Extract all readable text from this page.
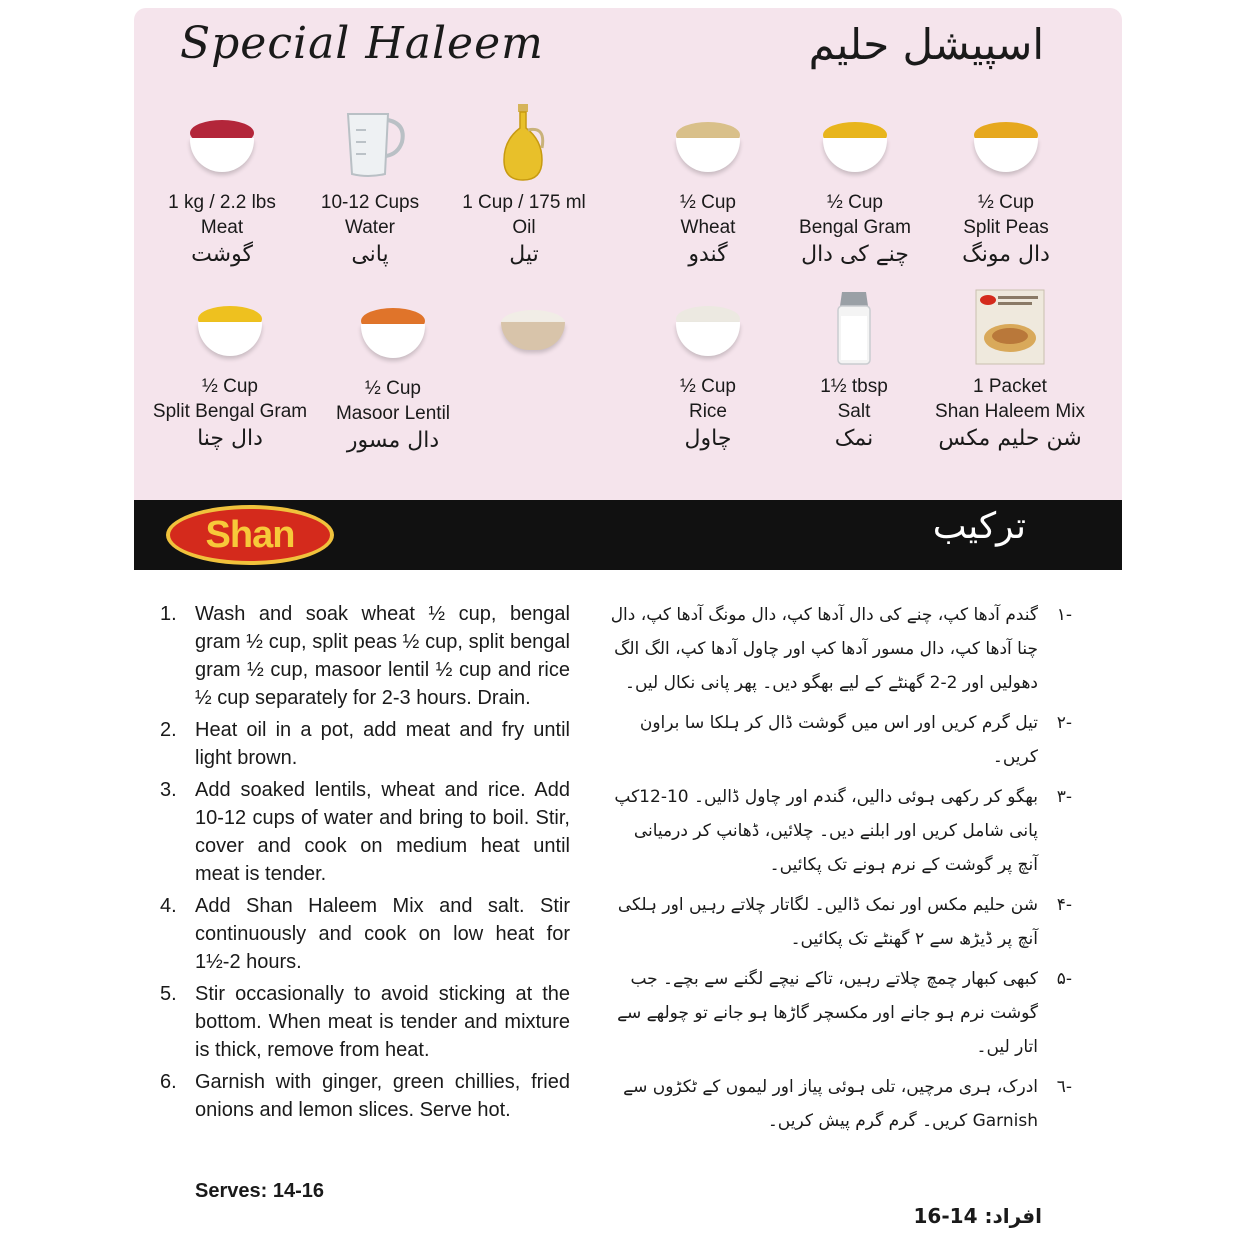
Special Haleem	اسپیشل حلیم
1 kg / 2.2 lbs
Meat
گوشت
10-12 Cups
Water
پانی
1 Cup / 175 ml
Oil
تیل
½ Cup
Wheat
گندو
½ Cup
Bengal Gram
چنے کی دال
½ Cup
Split Peas
دال مونگ
½ Cup
Split Bengal Gram
دال چنا
½ Cup
Masoor Lentil
دال مسور
½ Cup
Rice
چاول
1½ tbsp
Salt
نمک
1 Packet
Shan Haleem Mix
شن حلیم مکس
Shan	ترکیب
1. Wash and soak wheat ½ cup, bengal gram ½ cup, split peas ½ cup, split bengal gram ½ cup, masoor lentil ½ cup and rice ½ cup separately for 2-3 hours. Drain.
2. Heat oil in a pot, add meat and fry until light brown.
3. Add soaked lentils, wheat and rice. Add 10-12 cups of water and bring to boil. Stir, cover and cook on medium heat until meat is tender.
4. Add Shan Haleem Mix and salt. Stir continuously and cook on low heat for 1½-2 hours.
5. Stir occasionally to avoid sticking at the bottom. When meat is tender and mixture is thick, remove from heat.
6. Garnish with ginger, green chillies, fried onions and lemon slices. Serve hot.
Serves: 14-16
-۱
گندم آدھا کپ، چنے کی دال آدھا کپ، دال مونگ آدھا کپ، دال چنا آدھا کپ، دال مسور آدھا کپ اور چاول آدھا کپ، الگ الگ دھولیں اور 2-2 گھنٹے کے لیے بھگو دیں۔ پھر پانی نکال لیں۔
-۲
تیل گرم کریں اور اس میں گوشت ڈال کر ہلکا سا براون کریں۔
-۳
بھگو کر رکھی ہوئی دالیں، گندم اور چاول ڈالیں۔ 10-12کپ پانی شامل کریں اور ابلنے دیں۔ چلائیں، ڈھانپ کر درمیانی آنچ پر گوشت کے نرم ہونے تک پکائیں۔
-۴
شن حلیم مکس اور نمک ڈالیں۔ لگاتار چلاتے رہیں اور ہلکی آنچ پر ڈیڑھ سے ۲ گھنٹے تک پکائیں۔
-۵
کبھی کبھار چمچ چلاتے رہیں، تاکے نیچے لگنے سے بچے۔ جب گوشت نرم ہو جانے اور مکسچر گاڑھا ہو جانے تو چولھے سے اتار لیں۔
-٦
ادرک، ہری مرچیں، تلی ہوئی پیاز اور لیموں کے ٹکڑوں سے Garnish کریں۔ گرم گرم پیش کریں۔
افراد: 14-16
